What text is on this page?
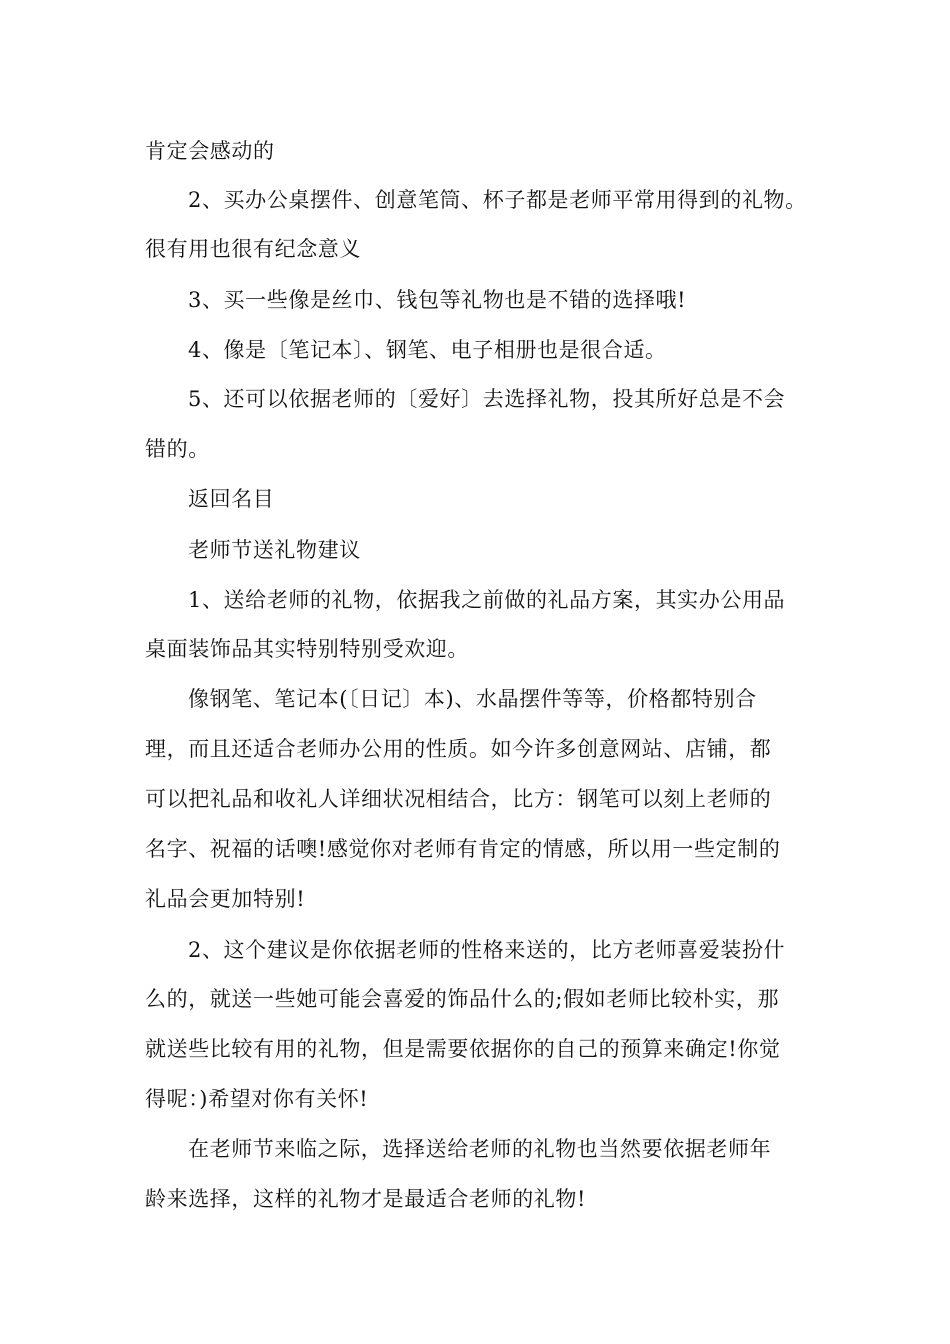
肯定会感动的
2、买办公桌摆件、创意笔筒、杯子都是老师平常用得到的礼物。
很有用也很有纪念意义
3、买一些像是丝巾、钱包等礼物也是不错的选择哦!
4、像是〔笔记本〕、钢笔、电子相册也是很合适。
5、还可以依据老师的〔爱好〕去选择礼物，投其所好总是不会
错的。
返回名目
老师节送礼物建议
1、送给老师的礼物，依据我之前做的礼品方案，其实办公用品
桌面装饰品其实特别特别受欢迎。
像钢笔、笔记本(〔日记〕本)、水晶摆件等等，价格都特别合
理，而且还适合老师办公用的性质。如今许多创意网站、店铺，都
可以把礼品和收礼人详细状况相结合，比方：钢笔可以刻上老师的
名字、祝福的话噢!感觉你对老师有肯定的情感，所以用一些定制的
礼品会更加特别!
2、这个建议是你依据老师的性格来送的，比方老师喜爱装扮什
么的，就送一些她可能会喜爱的饰品什么的;假如老师比较朴实，那
就送些比较有用的礼物，但是需要依据你的自己的预算来确定!你觉
得呢：)希望对你有关怀!
在老师节来临之际，选择送给老师的礼物也当然要依据老师年
龄来选择，这样的礼物才是最适合老师的礼物!
